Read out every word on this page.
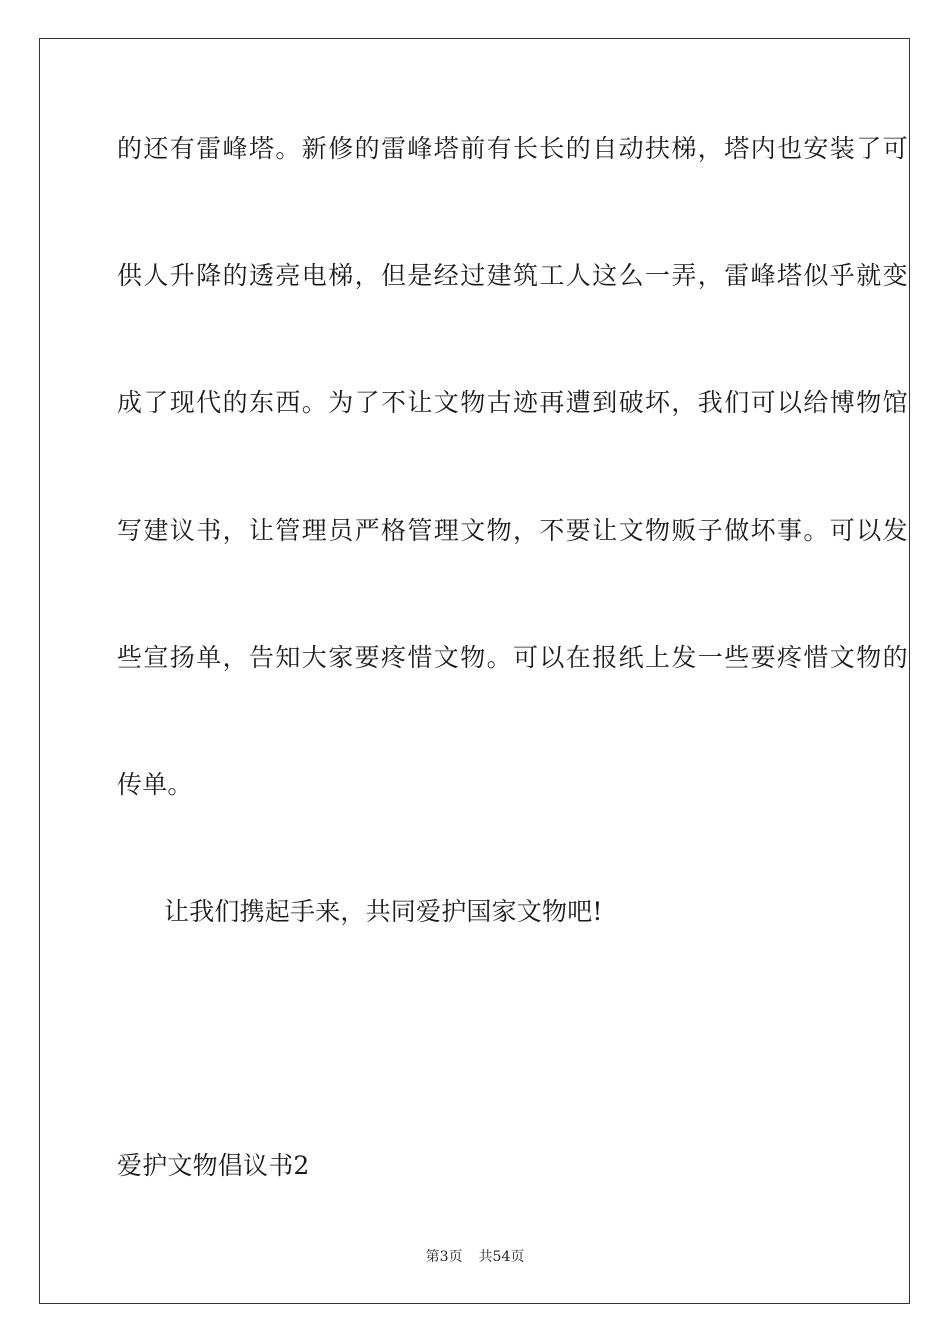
的还有雷峰塔。新修的雷峰塔前有长长的自动扶梯，塔内也安装了可
供人升降的透亮电梯，但是经过建筑工人这么一弄，雷峰塔似乎就变
成了现代的东西。为了不让文物古迹再遭到破坏，我们可以给博物馆
写建议书，让管理员严格管理文物，不要让文物贩子做坏事。可以发
些宣扬单，告知大家要疼惜文物。可以在报纸上发一些要疼惜文物的
传单。
让我们携起手来，共同爱护国家文物吧!
爱护文物倡议书2
第3页 共54页
